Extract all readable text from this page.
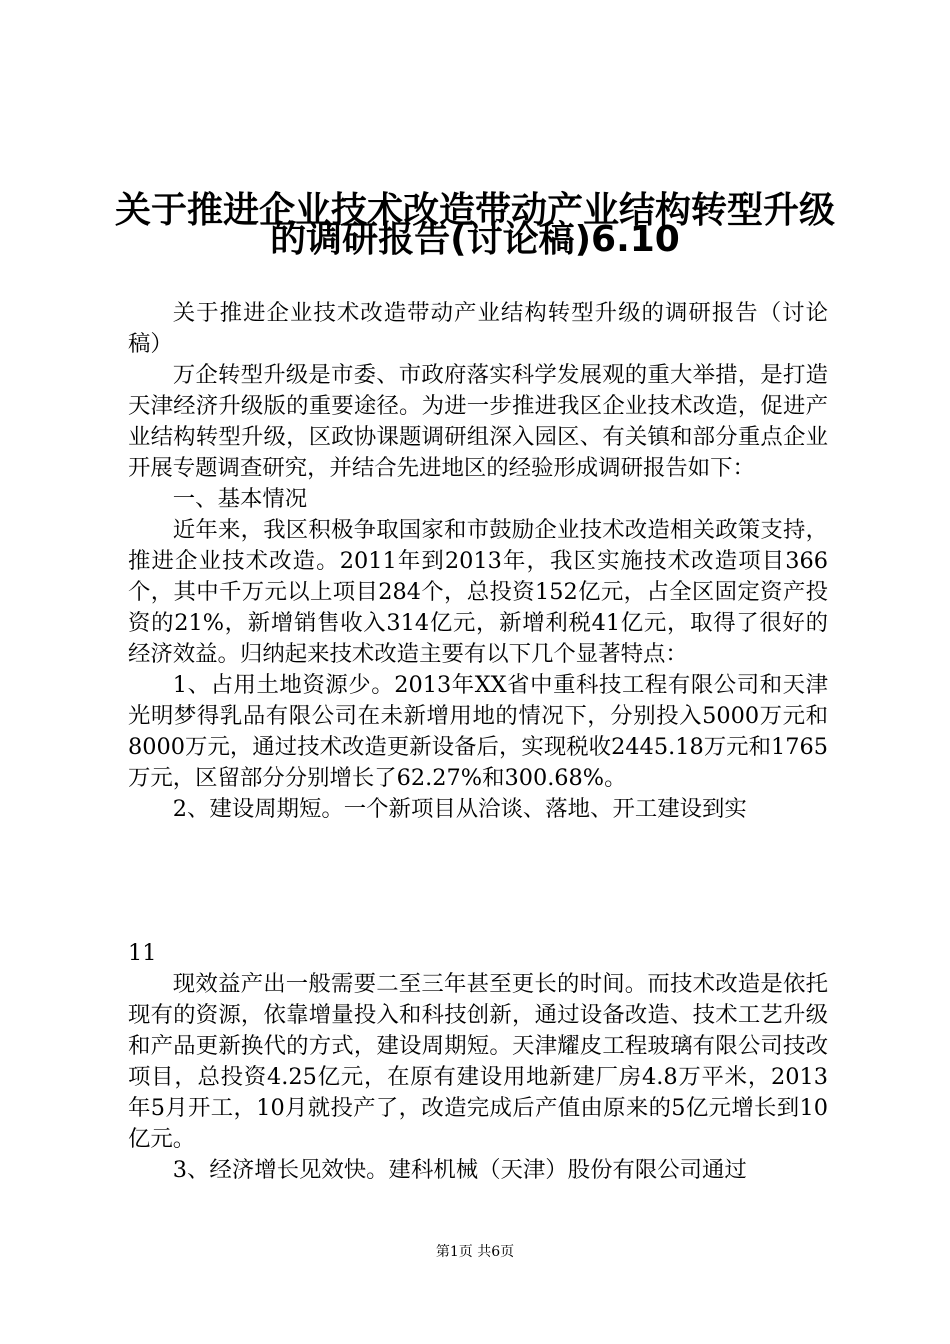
关于推进企业技术改造带动产业结构转型升级
的调研报告(讨论稿)6.10

关于推进企业技术改造带动产业结构转型升级的调研报告（讨论稿）

万企转型升级是市委、市政府落实科学发展观的重大举措，是打造天津经济升级版的重要途径。为进一步推进我区企业技术改造，促进产业结构转型升级，区政协课题调研组深入园区、有关镇和部分重点企业开展专题调查研究，并结合先进地区的经验形成调研报告如下：

一、基本情况

近年来，我区积极争取国家和市鼓励企业技术改造相关政策支持，推进企业技术改造。2011年到2013年，我区实施技术改造项目366个，其中千万元以上项目284个，总投资152亿元，占全区固定资产投资的21%，新增销售收入314亿元，新增利税41亿元，取得了很好的经济效益。归纳起来技术改造主要有以下几个显著特点：

1、占用土地资源少。2013年XX省中重科技工程有限公司和天津光明梦得乳品有限公司在未新增用地的情况下，分别投入5000万元和8000万元，通过技术改造更新设备后，实现税收2445.18万元和1765万元，区留部分分别增长了62.27%和300.68%。

2、建设周期短。一个新项目从洽谈、落地、开工建设到实

11

现效益产出一般需要二至三年甚至更长的时间。而技术改造是依托现有的资源，依靠增量投入和科技创新，通过设备改造、技术工艺升级和产品更新换代的方式，建设周期短。天津耀皮工程玻璃有限公司技改项目，总投资4.25亿元，在原有建设用地新建厂房4.8万平米，2013年5月开工，10月就投产了，改造完成后产值由原来的5亿元增长到10亿元。

3、经济增长见效快。建科机械（天津）股份有限公司通过

第1页 共6页
